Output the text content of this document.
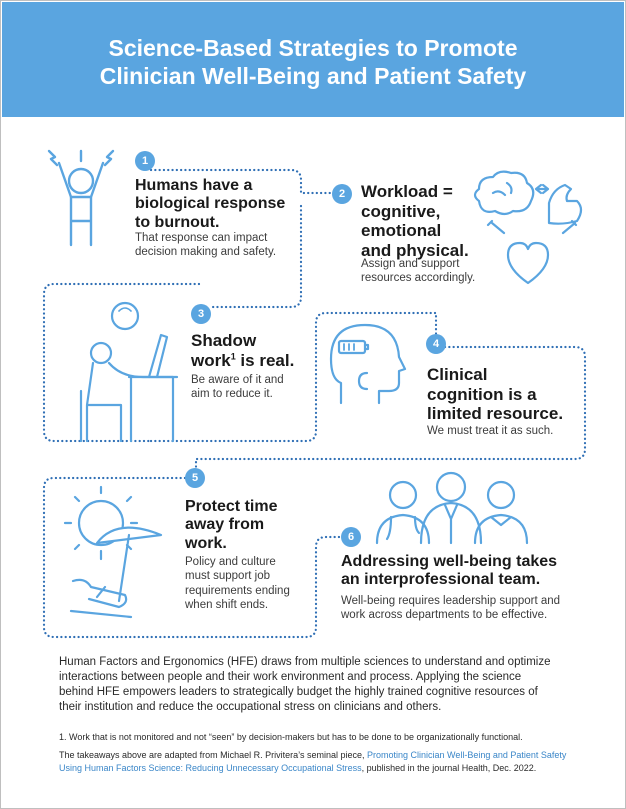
Science-Based Strategies to Promote
Clinician Well-Being and Patient Safety
1
Humans have a
biological response
to burnout.
That response can impact
decision making and safety.
2 Workload =
cognitive,
emotional
and physical.
Assign and support
resources accordingly.
3
Shadow
work$^1$ is real.
Be aware of it and
aim to reduce it.
4
Clinical
cognition is a
limited resource.
We must treat it as such.
5
Protect time
away from
work.
Policy and culture
must support job
requirements ending
when shift ends.
6
Addressing well-being takes
an interprofessional team.
Well-being requires leadership support and
work across departments to be effective.
Human Factors and Ergonomics (HFE) draws from multiple sciences to understand and optimize
interactions between people and their work environment and process. Applying the science
behind HFE empowers leaders to strategically budget the highly trained cognitive resources of
their institution and reduce the occupational stress on clinicians and others.
1. Work that is not monitored and not “seen” by decision-makers but has to be done to be organizationally functional.
The takeaways above are adapted from Michael R. Privitera’s seminal piece, Promoting Clinician Well-Being and Patient Safety
Using Human Factors Science: Reducing Unnecessary Occupational Stress, published in the journal Health, Dec. 2022.
